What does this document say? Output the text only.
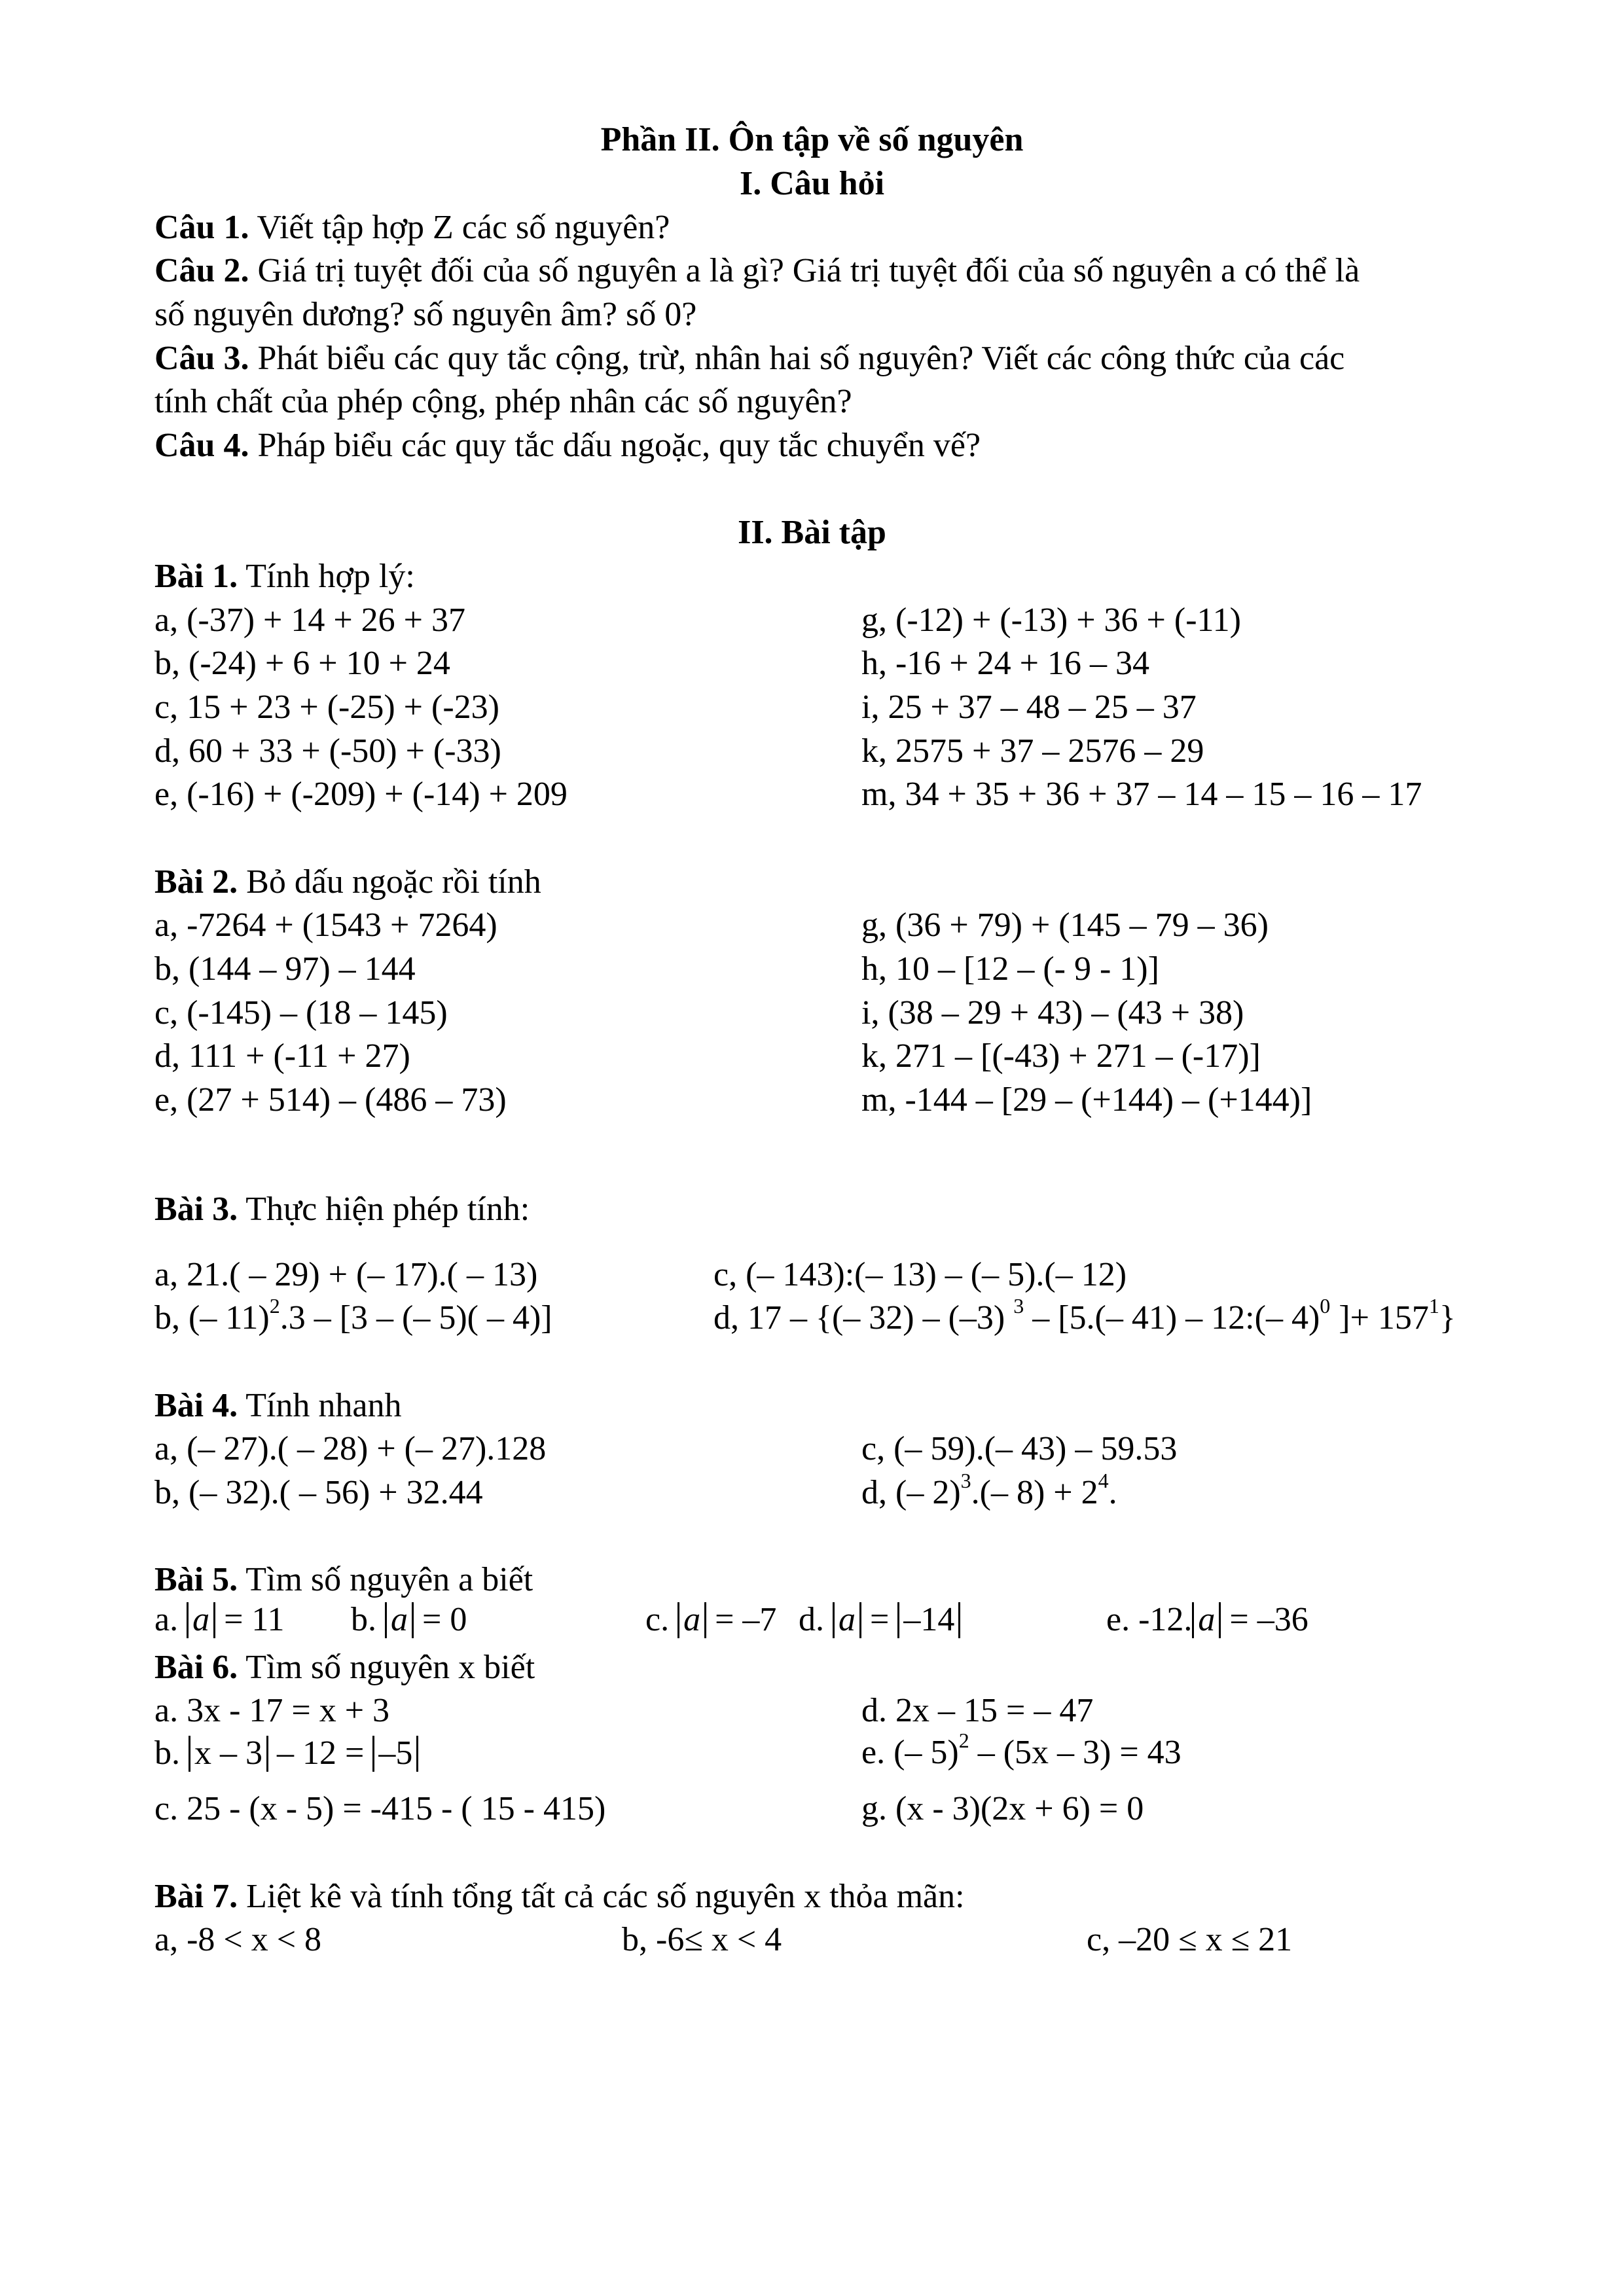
Phần II. Ôn tập về số nguyên
I. Câu hỏi
Câu 1. Viết tập hợp Z các số nguyên?
Câu 2. Giá trị tuyệt đối của số nguyên a là gì? Giá trị tuyệt đối của số nguyên a có thể là
số nguyên dương? số nguyên âm? số 0?
Câu 3. Phát biểu các quy tắc cộng, trừ, nhân hai số nguyên? Viết các công thức của các
tính chất của phép cộng, phép nhân các số nguyên?
Câu 4. Pháp biểu các quy tắc dấu ngoặc, quy tắc chuyển vế?
II. Bài tập
Bài 1. Tính hợp lý:
a, (-37) + 14 + 26 + 37	g, (-12) + (-13) + 36 + (-11)
b, (-24) + 6 + 10 + 24	h, -16 + 24 + 16 – 34
c, 15 + 23 + (-25) + (-23)	i, 25 + 37 – 48 – 25 – 37
d, 60 + 33 + (-50) + (-33)	k, 2575 + 37 – 2576 – 29
e, (-16) + (-209) + (-14) + 209	m, 34 + 35 + 36 + 37 – 14 – 15 – 16 – 17
Bài 2. Bỏ dấu ngoặc rồi tính
a, -7264 + (1543 + 7264)	g, (36 + 79) + (145 – 79 – 36)
b, (144 – 97) – 144	h, 10 – [12 – (- 9 - 1)]
c, (-145) – (18 – 145)	i, (38 – 29 + 43) – (43 + 38)
d, 111 + (-11 + 27)	k, 271 – [(-43) + 271 – (-17)]
e, (27 + 514) – (486 – 73)	m, -144 – [29 – (+144) – (+144)]
Bài 3. Thực hiện phép tính:
a, 21.( – 29) + (– 17).( – 13)	c, (– 143):(– 13) – (– 5).(– 12)
b, (– 11)$^2$.3 – [3 – (– 5)( – 4)]	d, 17 – {(– 32) – (–3) $^3$ – [5.(– 41) – 12:(– 4)$^0$ ]+ $157^1$}
Bài 4. Tính nhanh
a, (– 27).( – 28) + (– 27).128	c, (– 59).(– 43) – 59.53
b, (– 32).( – 56) + 32.44	d, (– 2)$^3$.(– $8) + 2^4$.
Bài 5. Tìm số nguyên a biết
a. a = 11 b. a = 0	c. a = –7 d. a = –14	e. -12. a = –36
Bài 6. Tìm số nguyên x biết
a. 3x - 17 = x + 3	d. 2x – 15 = – 47
b. x – 3 – 12 = –5	e. (– 5)$^2$ – (5x – 3) = 43
c. 25 - (x - 5) = -415 - ( 15 - 415)	g. (x - 3)(2x + 6) = 0
Bài 7. Liệt kê và tính tổng tất cả các số nguyên x thỏa mãn:
a, -8 < x < 8	b, -6≤ x < 4	c, –20 ≤ x ≤ 21
